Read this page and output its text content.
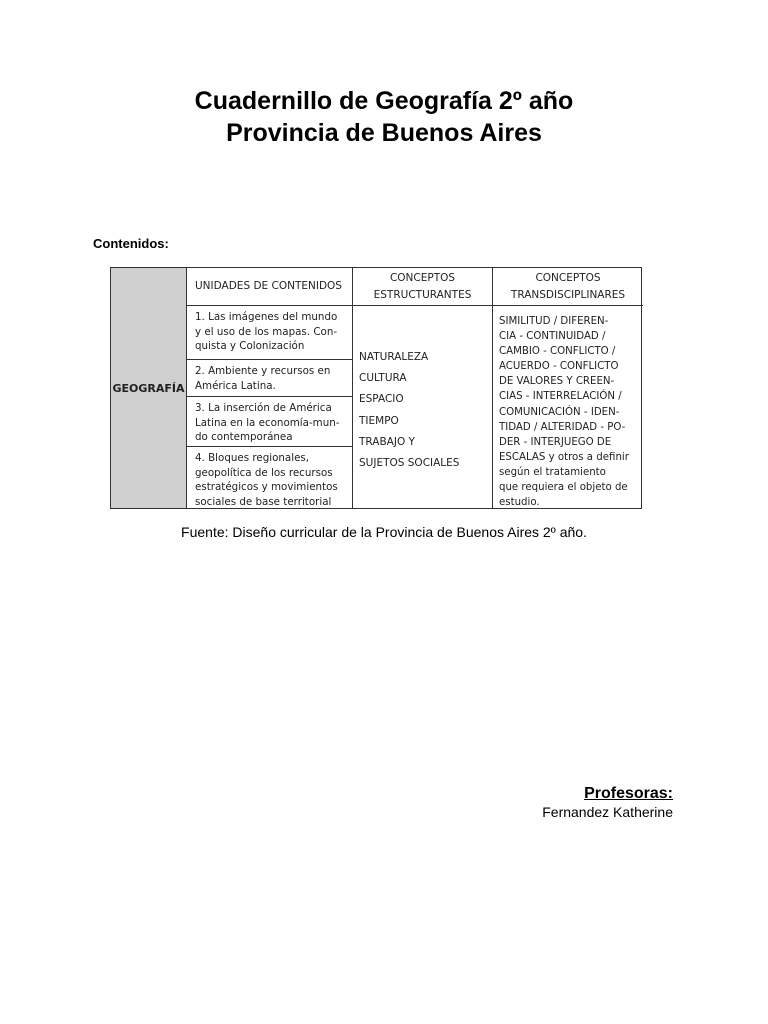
Cuadernillo de Geografía 2º año
Provincia de Buenos Aires
Contenidos:
GEOGRAFÍA
UNIDADES DE CONTENIDOS
CONCEPTOS
ESTRUCTURANTES
CONCEPTOS
TRANSDISCIPLINARES
1. Las imágenes del mundo
y el uso de los mapas. Con-
quista y Colonización
2. Ambiente y recursos en
América Latina.
3. La inserción de América
Latina en la economía-mun-
do contemporánea
4. Bloques regionales,
geopolítica de los recursos
estratégicos y movimientos
sociales de base territorial
NATURALEZA
CULTURA
ESPACIO
TIEMPO
TRABAJO Y
SUJETOS SOCIALES
SIMILITUD / DIFEREN-
CIA - CONTINUIDAD /
CAMBIO - CONFLICTO /
ACUERDO - CONFLICTO
DE VALORES Y CREEN-
CIAS - INTERRELACIÓN /
COMUNICACIÓN - IDEN-
TIDAD / ALTERIDAD - PO-
DER - INTERJUEGO DE
ESCALAS y otros a definir
según el tratamiento
que requiera el objeto de
estudio.
Fuente: Diseño curricular de la Provincia de Buenos Aires 2º año.
Profesoras:
Fernandez Katherine
